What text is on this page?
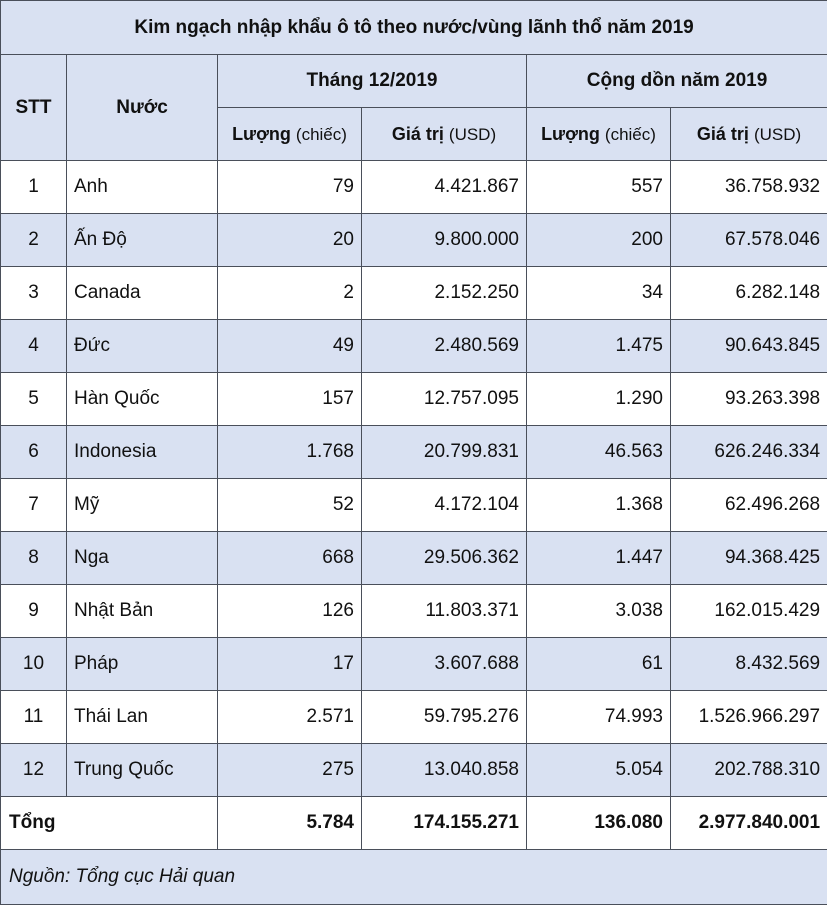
Kim ngạch nhập khẩu ô tô theo nước/vùng lãnh thổ năm 2019					
STT	Nước	Tháng 12/2019		Cộng dồn năm 2019	
		Lượng (chiếc)	Giá trị (USD)	Lượng (chiếc)	Giá trị (USD)
1	Anh	79	4.421.867	557	36.758.932
2	Ấn Độ	20	9.800.000	200	67.578.046
3	Canada	2	2.152.250	34	6.282.148
4	Đức	49	2.480.569	1.475	90.643.845
5	Hàn Quốc	157	12.757.095	1.290	93.263.398
6	Indonesia	1.768	20.799.831	46.563	626.246.334
7	Mỹ	52	4.172.104	1.368	62.496.268
8	Nga	668	29.506.362	1.447	94.368.425
9	Nhật Bản	126	11.803.371	3.038	162.015.429
10	Pháp	17	3.607.688	61	8.432.569
11	Thái Lan	2.571	59.795.276	74.993	1.526.966.297
12	Trung Quốc	275	13.040.858	5.054	202.788.310
Tổng		5.784	174.155.271	136.080	2.977.840.001
Nguồn: Tổng cục Hải quan					
